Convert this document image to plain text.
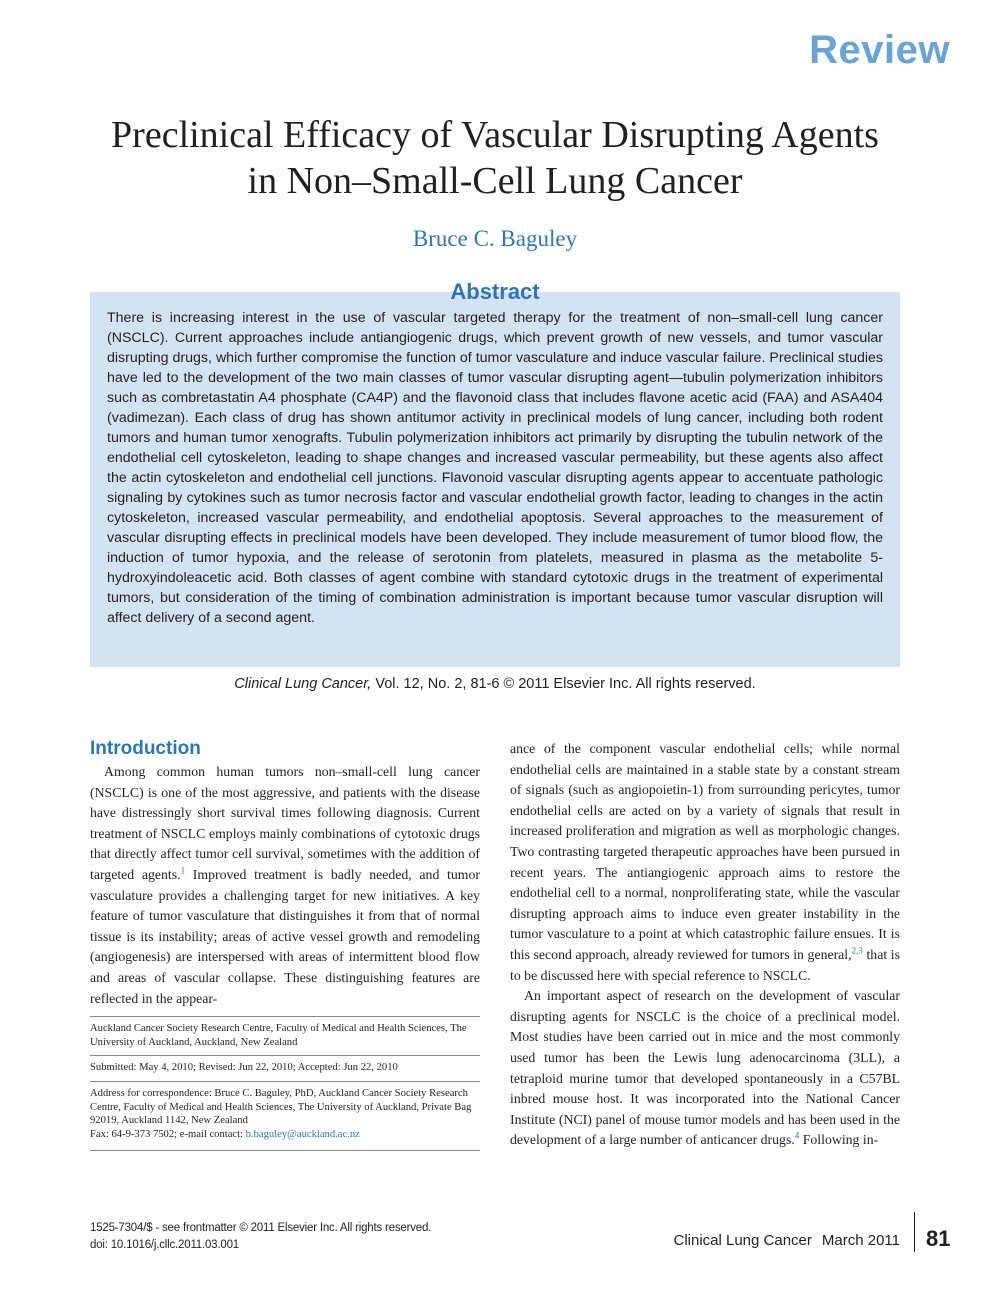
Review
Preclinical Efficacy of Vascular Disrupting Agents
in Non–Small-Cell Lung Cancer
Bruce C. Baguley
Abstract
There is increasing interest in the use of vascular targeted therapy for the treatment of non–small-cell lung cancer (NSCLC). Current approaches include antiangiogenic drugs, which prevent growth of new vessels, and tumor vascular disrupting drugs, which further compromise the function of tumor vasculature and induce vascular failure. Preclinical studies have led to the development of the two main classes of tumor vascular disrupting agent—tubulin polymerization inhibitors such as combretastatin A4 phosphate (CA4P) and the flavonoid class that includes flavone acetic acid (FAA) and ASA404 (vadimezan). Each class of drug has shown antitumor activity in preclinical models of lung cancer, including both rodent tumors and human tumor xenografts. Tubulin polymerization inhibitors act primarily by disrupting the tubulin network of the endothelial cell cytoskeleton, leading to shape changes and increased vascular permeability, but these agents also affect the actin cytoskeleton and endothelial cell junctions. Flavonoid vascular disrupting agents appear to accentuate pathologic signaling by cytokines such as tumor necrosis factor and vascular endothelial growth factor, leading to changes in the actin cytoskeleton, increased vascular permeability, and endothelial apoptosis. Several approaches to the measurement of vascular disrupting effects in preclinical models have been developed. They include measurement of tumor blood flow, the induction of tumor hypoxia, and the release of serotonin from platelets, measured in plasma as the metabolite 5-hydroxyindoleacetic acid. Both classes of agent combine with standard cytotoxic drugs in the treatment of experimental tumors, but consideration of the timing of combination administration is important because tumor vascular disruption will affect delivery of a second agent.
Clinical Lung Cancer, Vol. 12, No. 2, 81-6 © 2011 Elsevier Inc. All rights reserved.
Introduction

Among common human tumors non–small-cell lung cancer (NSCLC) is one of the most aggressive, and patients with the disease have distressingly short survival times following diagnosis. Current treatment of NSCLC employs mainly combinations of cytotoxic drugs that directly affect tumor cell survival, sometimes with the addition of targeted agents.$^1$ Improved treatment is badly needed, and tumor vasculature provides a challenging target for new initiatives. A key feature of tumor vasculature that distinguishes it from that of normal tissue is its instability; areas of active vessel growth and remodeling (angiogenesis) are interspersed with areas of intermittent blood flow and areas of vascular collapse. These distinguishing features are reflected in the appear-

ance of the component vascular endothelial cells; while normal endothelial cells are maintained in a stable state by a constant stream of signals (such as angiopoietin-1) from surrounding pericytes, tumor endothelial cells are acted on by a variety of signals that result in increased proliferation and migration as well as morphologic changes. Two contrasting targeted therapeutic approaches have been pursued in recent years. The antiangiogenic approach aims to restore the endothelial cell to a normal, nonproliferating state, while the vascular disrupting approach aims to induce even greater instability in the tumor vasculature to a point at which catastrophic failure ensues. It is this second approach, already reviewed for tumors in general,$^{2,3}$ that is to be discussed here with special reference to NSCLC.

An important aspect of research on the development of vascular disrupting agents for NSCLC is the choice of a preclinical model. Most studies have been carried out in mice and the most commonly used tumor has been the Lewis lung adenocarcinoma (3LL), a tetraploid murine tumor that developed spontaneously in a C57BL inbred mouse host. It was incorporated into the National Cancer Institute (NCI) panel of mouse tumor models and has been used in the development of a large number of anticancer drugs.$^4$ Following in-

Auckland Cancer Society Research Centre, Faculty of Medical and Health Sciences, The University of Auckland, Auckland, New Zealand
Submitted: May 4, 2010; Revised: Jun 22, 2010; Accepted: Jun 22, 2010
Address for correspondence: Bruce C. Baguley, PhD, Auckland Cancer Society Research Centre, Faculty of Medical and Health Sciences, The University of Auckland, Private Bag 92019, Auckland 1142, New Zealand
Fax: 64-9-373 7502; e-mail contact: b.baguley@auckland.ac.nz
1525-7304/$ - see frontmatter © 2011 Elsevier Inc. All rights reserved.
doi: 10.1016/j.cllc.2011.03.001	Clinical Lung Cancer March 2011 81
